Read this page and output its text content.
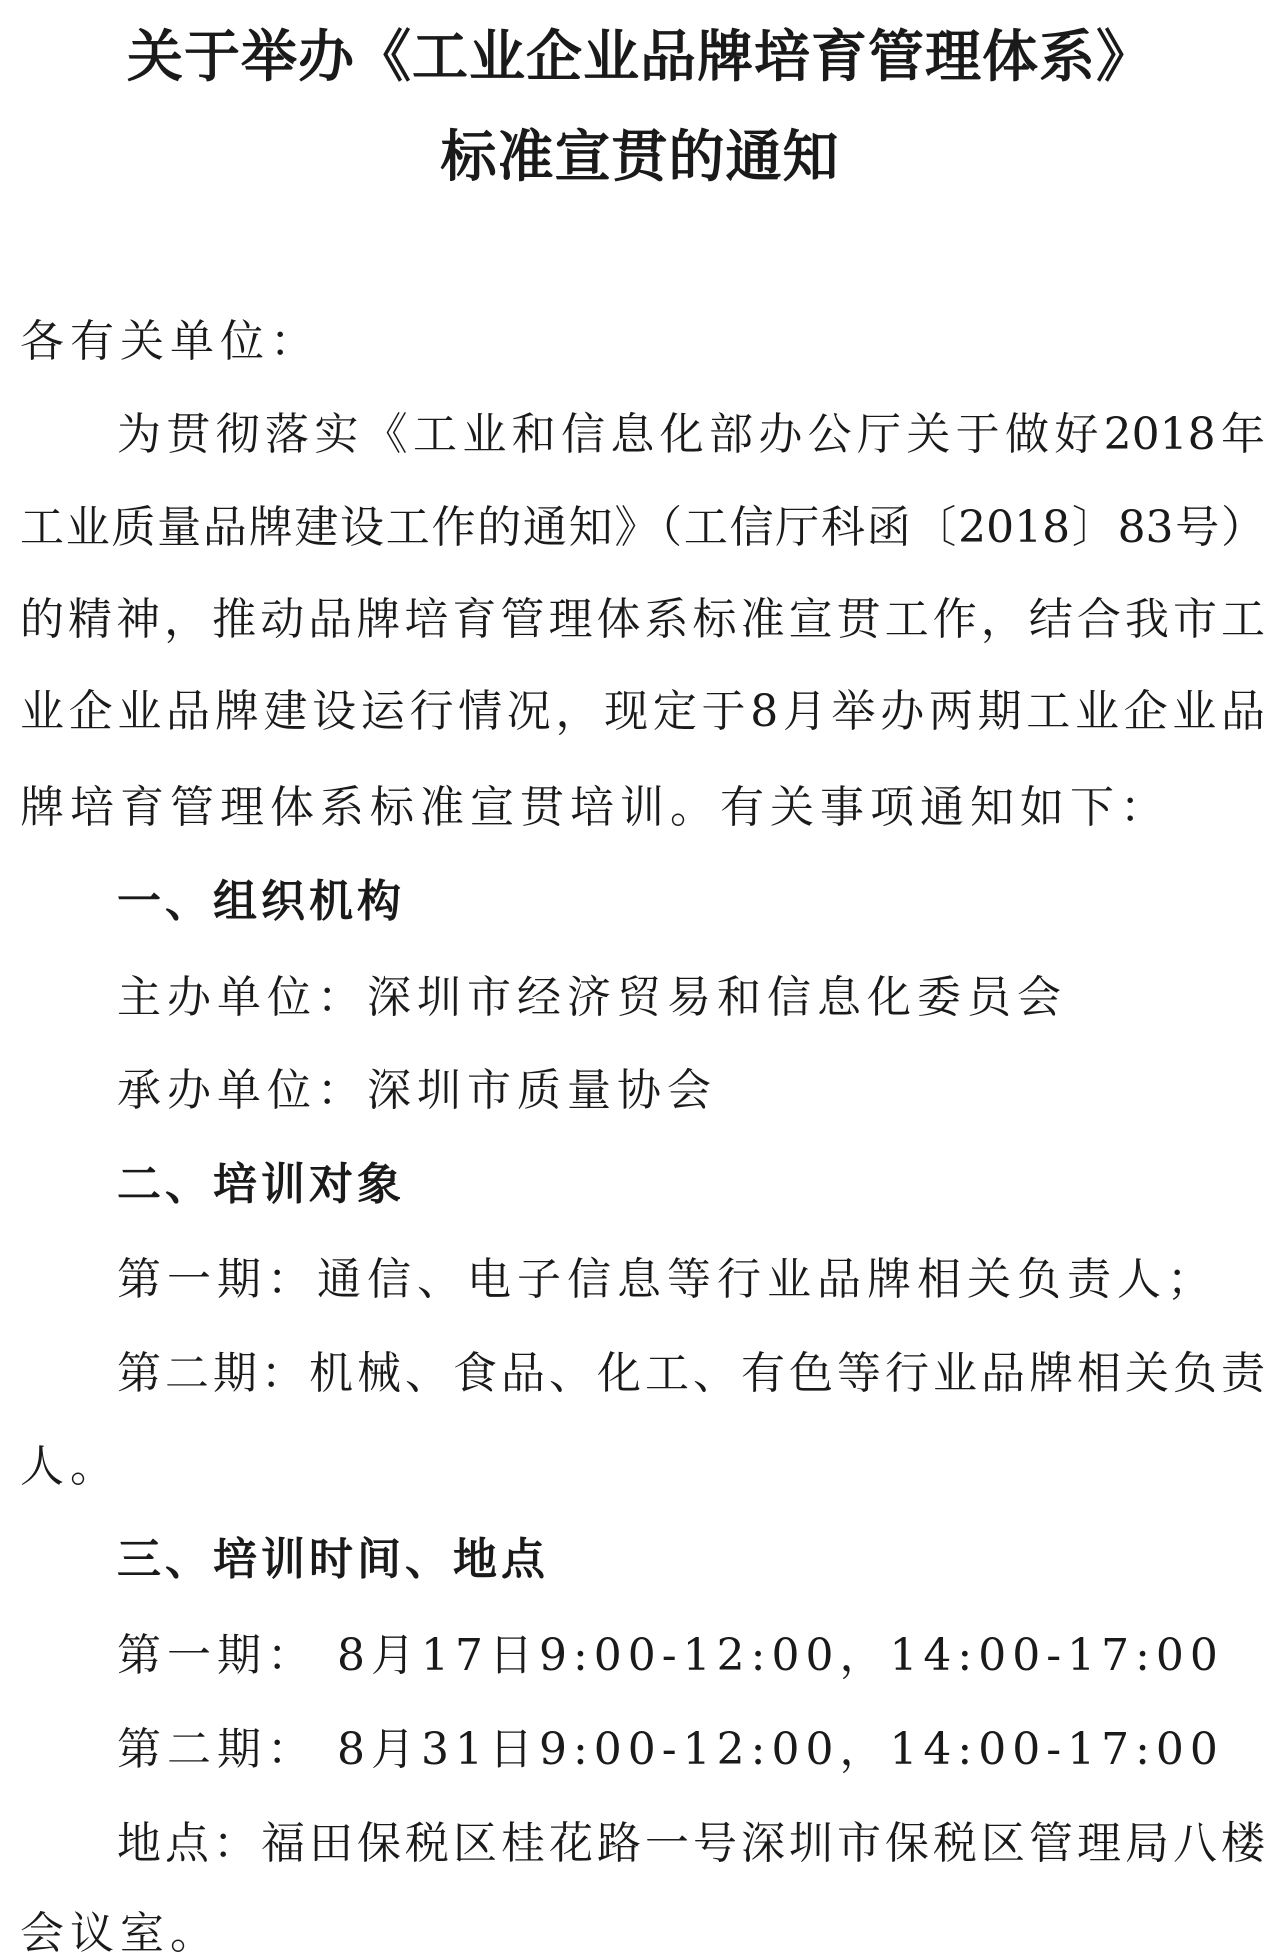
关于举办《工业企业品牌培育管理体系》
标准宣贯的通知
各有关单位：
为贯彻落实《工业和信息化部办公厅关于做好2018年
工业质量品牌建设工作的通知》（工信厅科函〔2018〕83号）
的精神，推动品牌培育管理体系标准宣贯工作，结合我市工
业企业品牌建设运行情况，现定于8月举办两期工业企业品
牌培育管理体系标准宣贯培训。有关事项通知如下：
一、组织机构
主办单位：深圳市经济贸易和信息化委员会
承办单位：深圳市质量协会
二、培训对象
第一期：通信、电子信息等行业品牌相关负责人；
第二期：机械、食品、化工、有色等行业品牌相关负责
人。
三、培训时间、地点
第一期： 8月17日9:00-12:00，14:00-17:00
第二期： 8月31日9:00-12:00，14:00-17:00
地点：福田保税区桂花路一号深圳市保税区管理局八楼
会议室。
